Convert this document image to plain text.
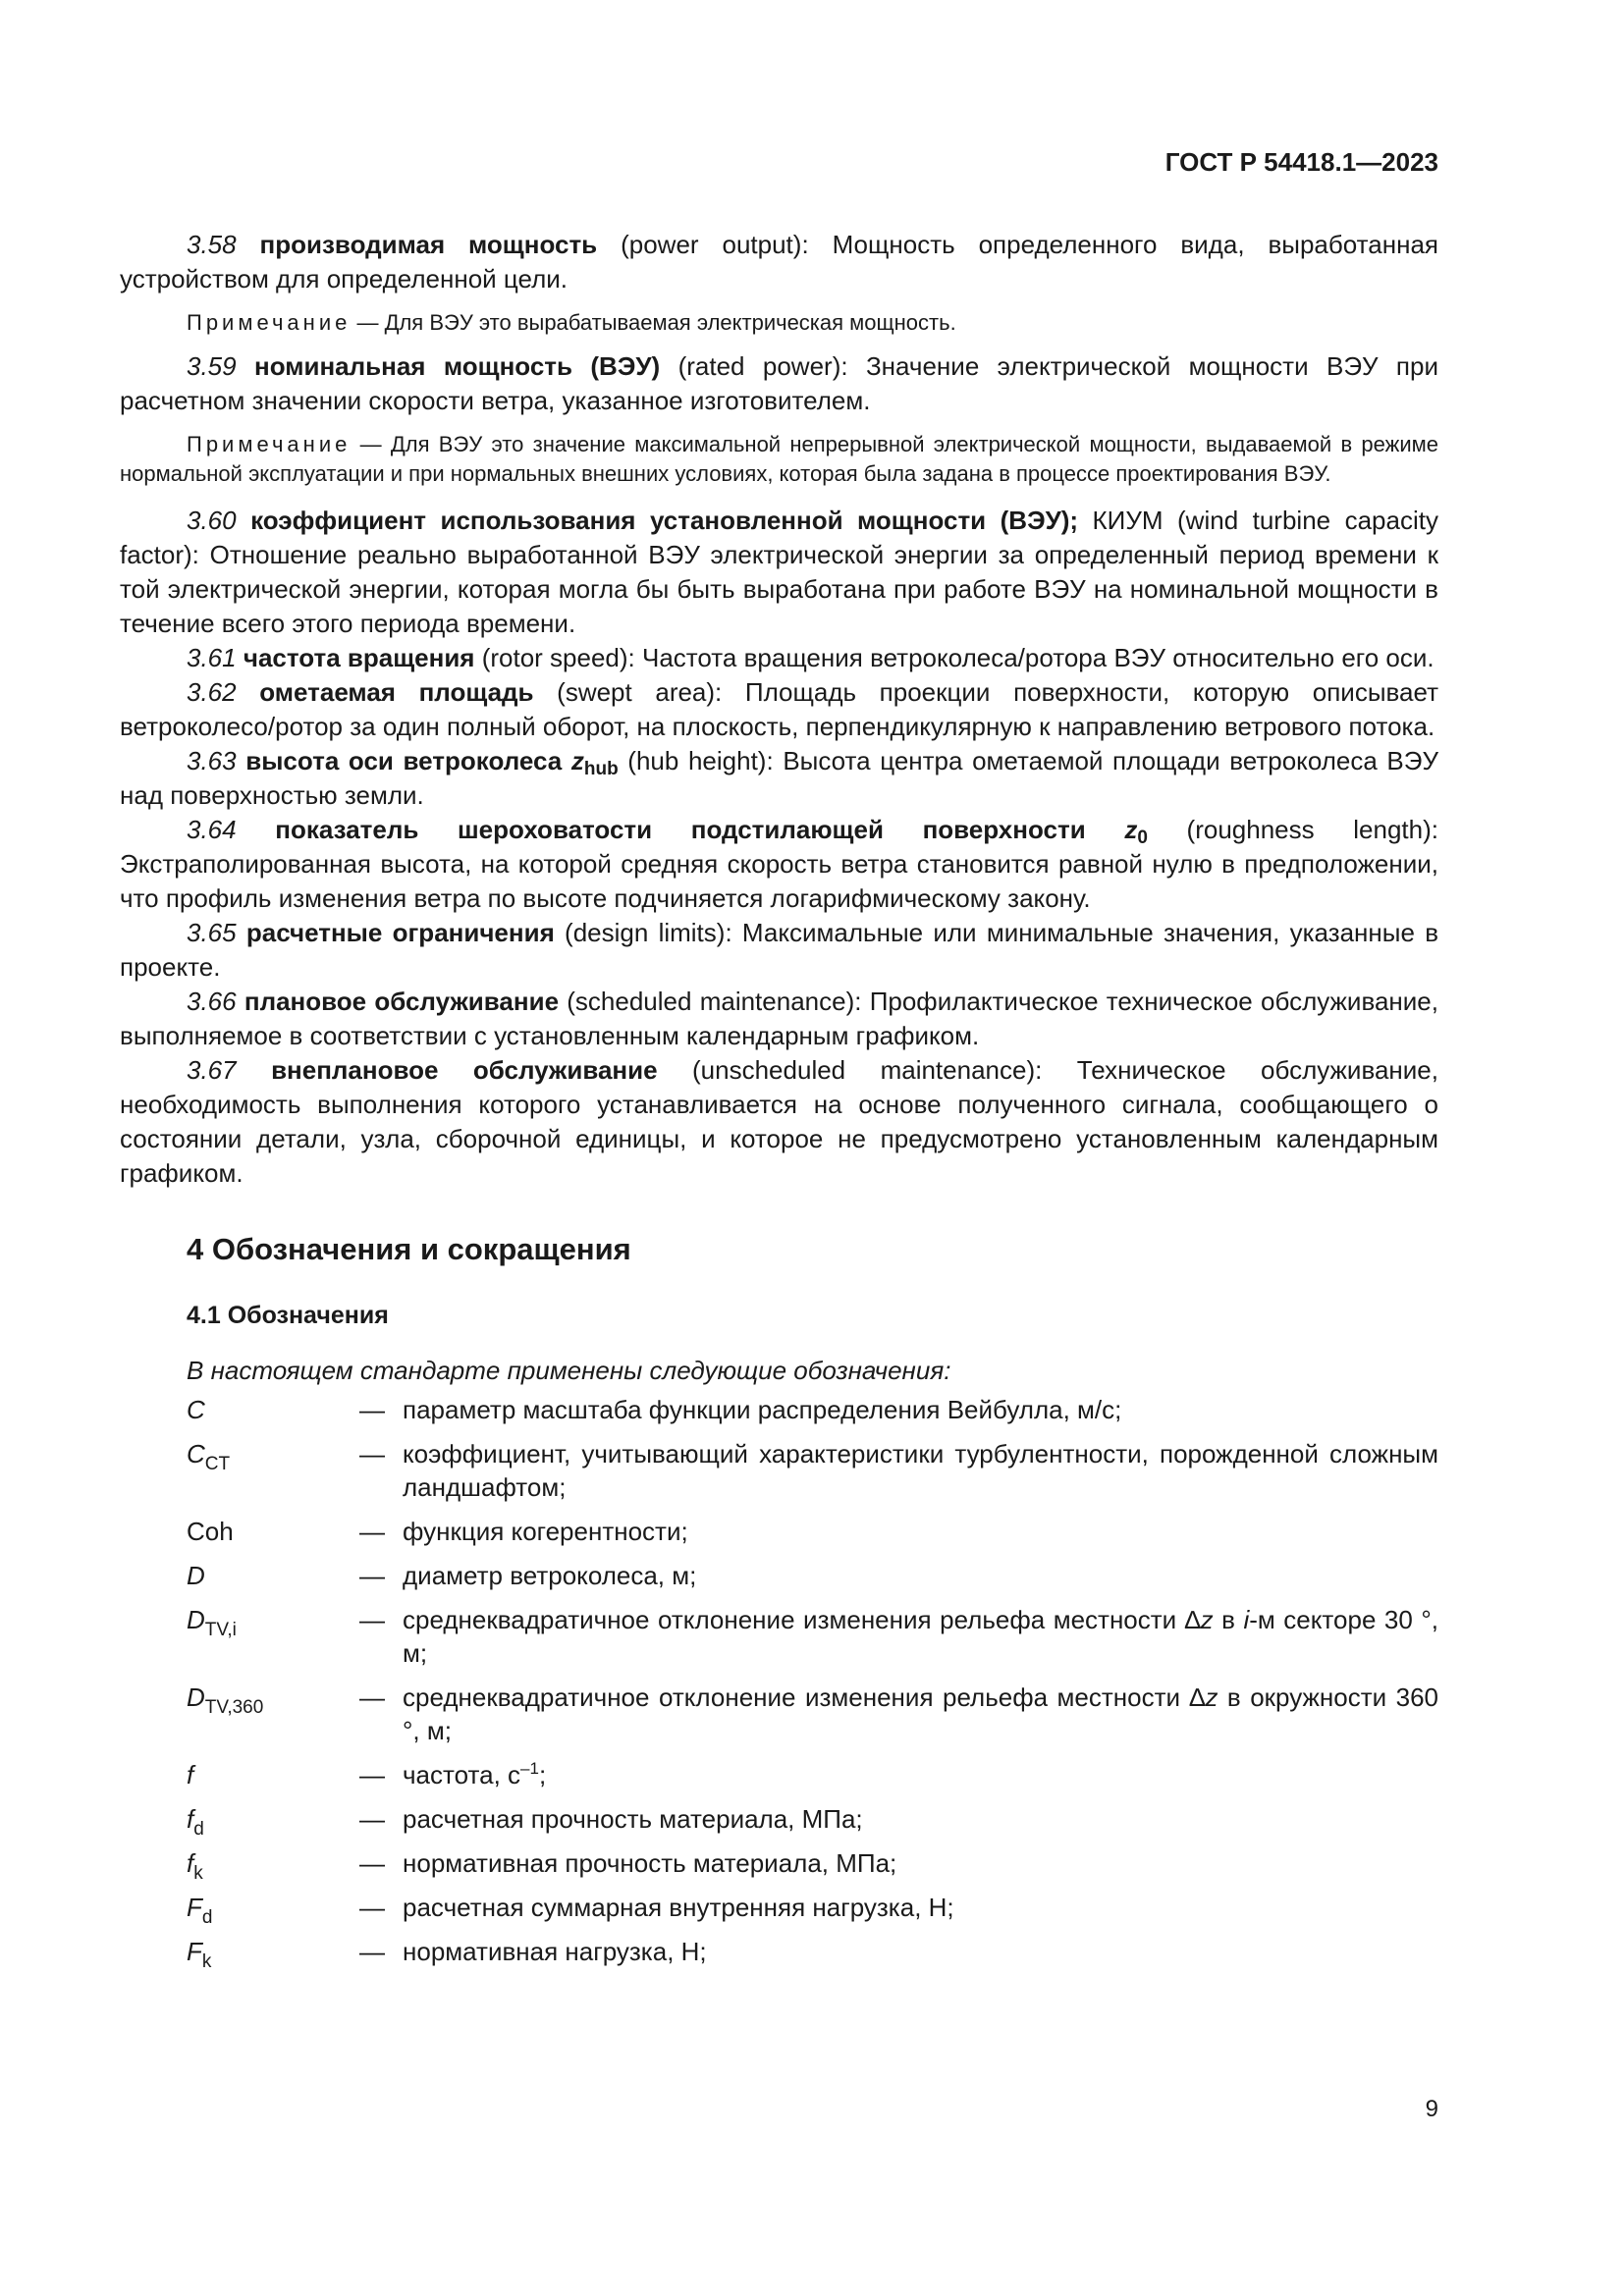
ГОСТ Р 54418.1—2023

3.58 производимая мощность (power output): Мощность определенного вида, выработанная устройством для определенной цели.

Примечание — Для ВЭУ это вырабатываемая электрическая мощность.

3.59 номинальная мощность (ВЭУ) (rated power): Значение электрической мощности ВЭУ при расчетном значении скорости ветра, указанное изготовителем.

Примечание — Для ВЭУ это значение максимальной непрерывной электрической мощности, выдаваемой в режиме нормальной эксплуатации и при нормальных внешних условиях, которая была задана в процессе проектирования ВЭУ.

3.60 коэффициент использования установленной мощности (ВЭУ); КИУМ (wind turbine capacity factor): Отношение реально выработанной ВЭУ электрической энергии за определенный период времени к той электрической энергии, которая могла бы быть выработана при работе ВЭУ на номинальной мощности в течение всего этого периода времени.

3.61 частота вращения (rotor speed): Частота вращения ветроколеса/ротора ВЭУ относительно его оси.

3.62 ометаемая площадь (swept area): Площадь проекции поверхности, которую описывает ветроколесо/ротор за один полный оборот, на плоскость, перпендикулярную к направлению ветрового потока.

3.63 высота оси ветроколеса $z_{hub}$ (hub height): Высота центра ометаемой площади ветроколеса ВЭУ над поверхностью земли.

3.64 показатель шероховатости подстилающей поверхности $z_0$ (roughness length): Экстраполированная высота, на которой средняя скорость ветра становится равной нулю в предположении, что профиль изменения ветра по высоте подчиняется логарифмическому закону.

3.65 расчетные ограничения (design limits): Максимальные или минимальные значения, указанные в проекте.

3.66 плановое обслуживание (scheduled maintenance): Профилактическое техническое обслуживание, выполняемое в соответствии с установленным календарным графиком.

3.67 внеплановое обслуживание (unscheduled maintenance): Техническое обслуживание, необходимость выполнения которого устанавливается на основе полученного сигнала, сообщающего о состоянии детали, узла, сборочной единицы, и которое не предусмотрено установленным календарным графиком.

4 Обозначения и сокращения
4.1 Обозначения
В настоящем стандарте применены следующие обозначения:
C	— параметр масштаба функции распределения Вейбулла, м/с;
$C_{CT}$	— коэффициент, учитывающий характеристики турбулентности, порожденной сложным ландшафтом;
Coh	— функция когерентности;
D	— диаметр ветроколеса, м;
$D_{TV,i}$	— среднеквадратичное отклонение изменения рельефа местности ∆z в i-м секторе 30 °, м;
$D_{TV,360}$	— среднеквадратичное отклонение изменения рельефа местности ∆z в окружности 360 °, м;
f	— частота, $с^{-1}$;
$f_d$	— расчетная прочность материала, МПа;
$f_k$	— нормативная прочность материала, МПа;
$F_d$	— расчетная суммарная внутренняя нагрузка, Н;
$F_k$	— нормативная нагрузка, Н;
9
